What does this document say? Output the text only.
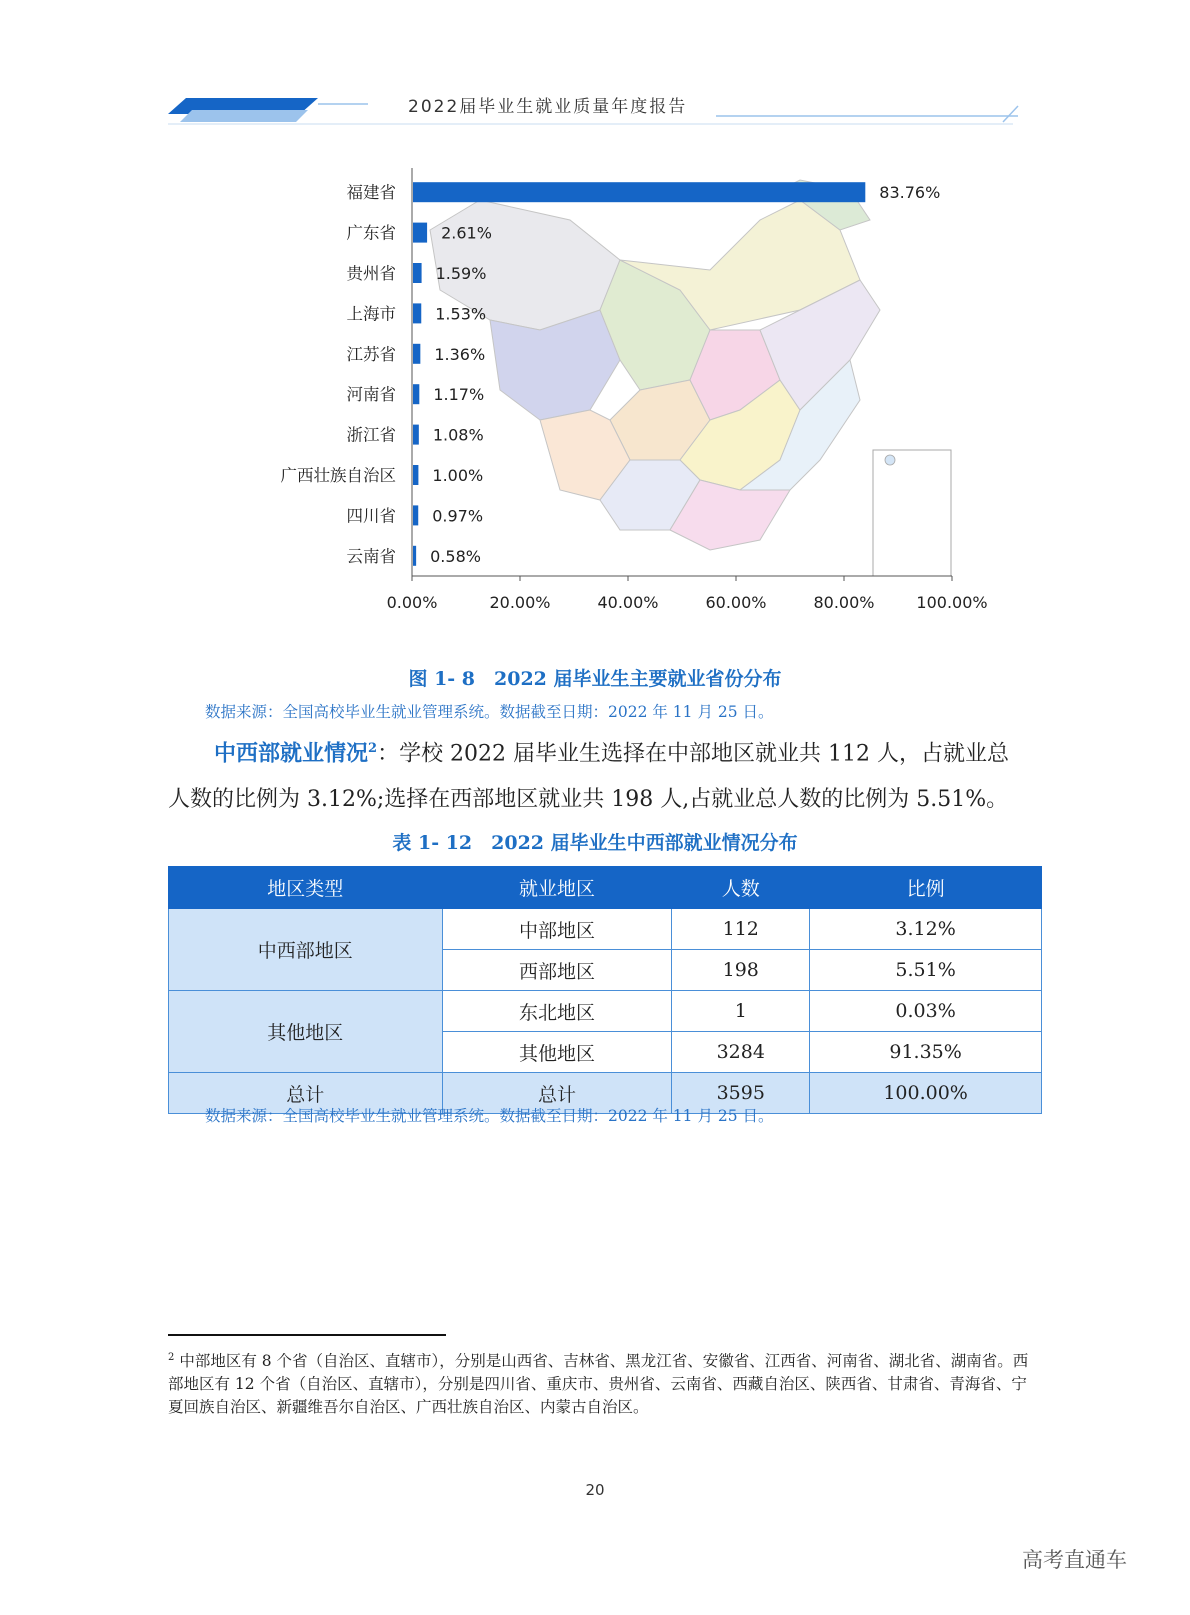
2022届毕业生就业质量年度报告
0.00%	20.00%	40.00%	60.00%	80.00%	100.00%
福建省	83.76%
广东省	2.61%
贵州省 1.59%
上海市 1.53%
江苏省 1.36%
河南省 1.17%
浙江省 1.08%
广西壮族自治区 1.00%
四川省 0.97%
云南省 0.58%
图 1- 8　2022 届毕业生主要就业省份分布
数据来源：全国高校毕业生就业管理系统。数据截至日期：2022 年 11 月 25 日。
中西部就业情况$^2$：学校 2022 届毕业生选择在中部地区就业共 112 人，占就业总
人数的比例为 3.12%;选择在西部地区就业共 198 人,占就业总人数的比例为 5.51%。
表 1- 12　2022 届毕业生中西部就业情况分布
地区类型	就业地区	人数	比例
中西部地区	中部地区	112	3.12%
	西部地区	198	5.51%
其他地区	东北地区	1	0.03%
	其他地区	3284	91.35%
总计	总计	3595	100.00%
数据来源：全国高校毕业生就业管理系统。数据截至日期：2022 年 11 月 25 日。
$^2$ 中部地区有 8 个省（自治区、直辖市），分别是山西省、吉林省、黑龙江省、安徽省、江西省、河南省、湖北省、湖南省。西部地区有 12 个省（自治区、直辖市），分别是四川省、重庆市、贵州省、云南省、西藏自治区、陕西省、甘肃省、青海省、宁夏回族自治区、新疆维吾尔自治区、广西壮族自治区、内蒙古自治区。
20
高考直通车
